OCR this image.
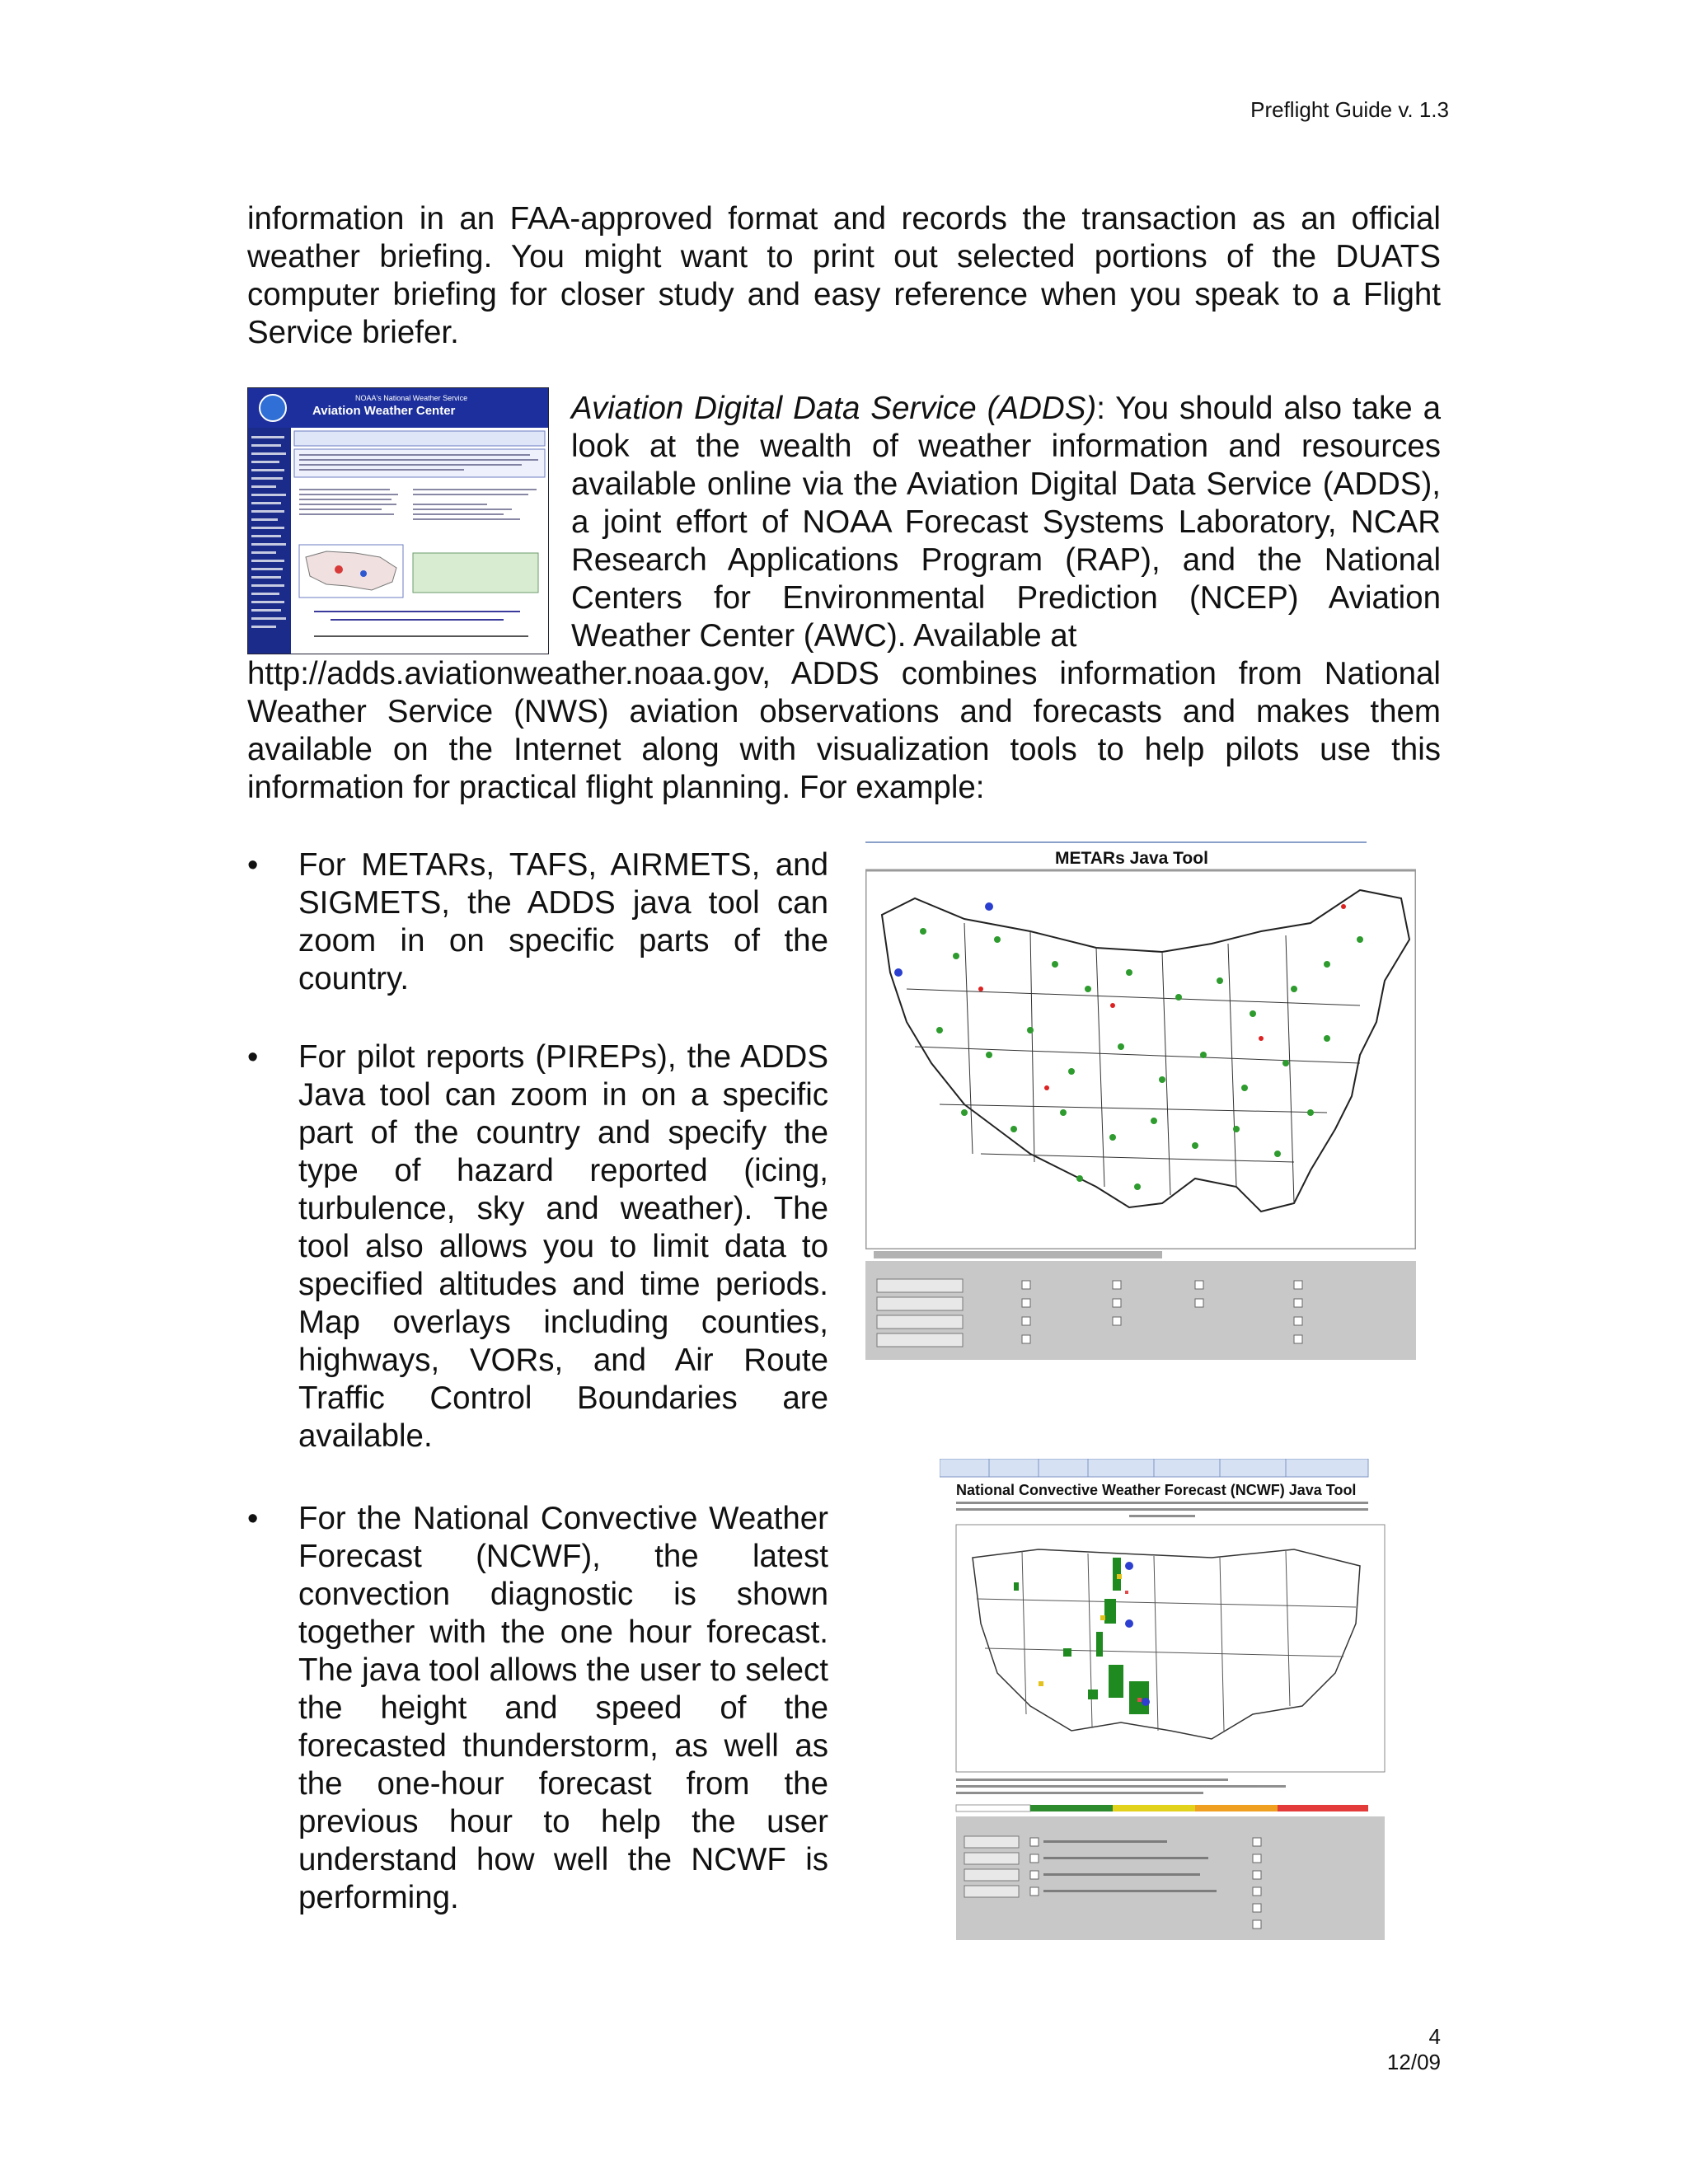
Preflight Guide v. 1.3

information in an FAA-approved format and records the transaction as an official weather briefing. You might want to print out selected portions of the DUATS computer briefing for closer study and easy reference when you speak to a Flight Service briefer.

NOAA's National Weather Service
Aviation Weather Center	Aviation Digital Data Service (ADDS): You should also take a look at the wealth of weather information and resources available online via the Aviation Digital Data Service (ADDS), a joint effort of NOAA Forecast Systems Laboratory, NCAR Research Applications Program (RAP), and the National Centers for Environmental Prediction (NCEP) Aviation Weather Center (AWC). Available at

http://adds.aviationweather.noaa.gov, ADDS combines information from National Weather Service (NWS) aviation observations and forecasts and makes them available on the Internet along with visualization tools to help pilots use this information for practical flight planning. For example:

• For METARs, TAFS, AIRMETS, and SIGMETS, the ADDS java tool can zoom in on specific parts of the country.

• For pilot reports (PIREPs), the ADDS Java tool can zoom in on a specific part of the country and specify the type of hazard reported (icing, turbulence, sky and weather). The tool also allows you to limit data to specified altitudes and time periods. Map overlays including counties, highways, VORs, and Air Route Traffic Control Boundaries are available.

• For the National Convective Weather Forecast (NCWF), the latest convection diagnostic is shown together with the one hour forecast. The java tool allows the user to select the height and speed of the forecasted thunderstorm, as well as the one-hour forecast from the previous hour to help the user understand how well the NCWF is performing.

METARs Java Tool
National Convective Weather Forecast (NCWF) Java Tool
4
12/09
